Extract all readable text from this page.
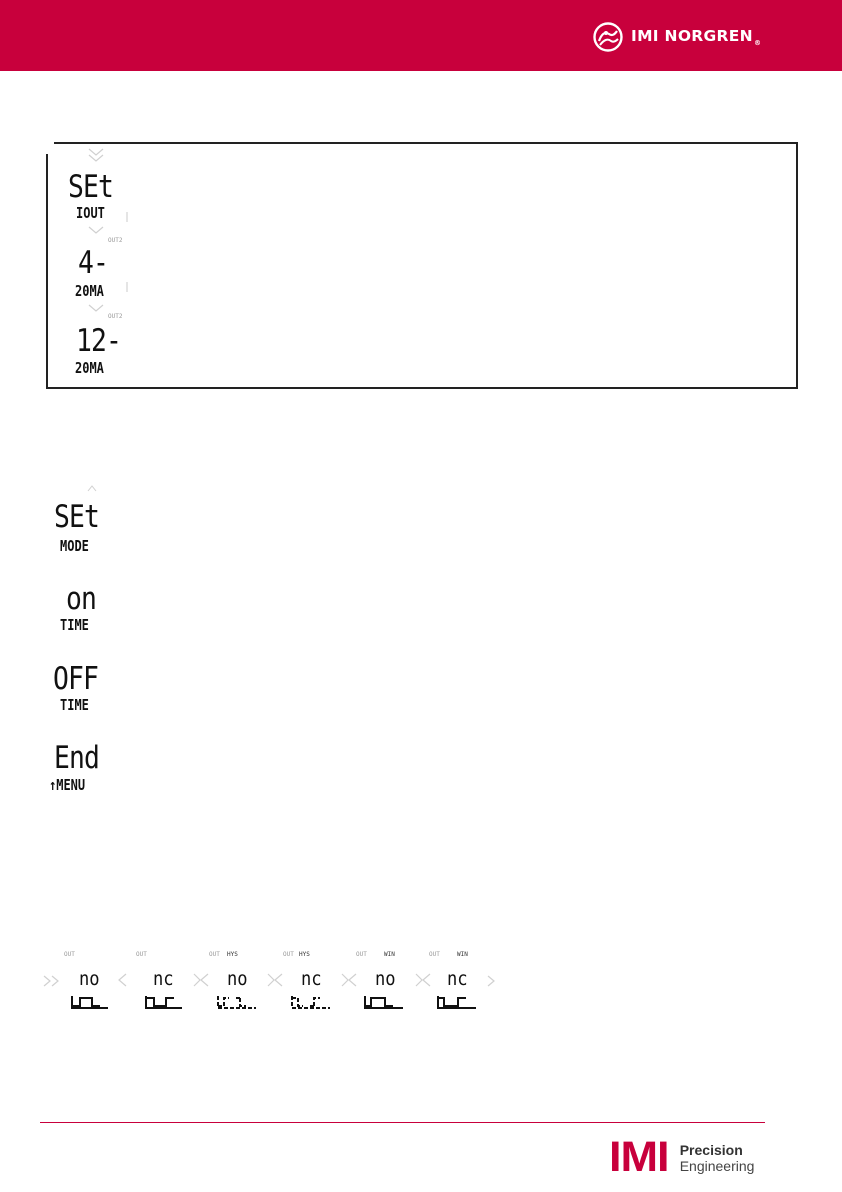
IMI $NORGREN_®$
SEt
IOUT
OUT2
4-
20MA
OUT2
12-
20MA
SEt
MODE
on
TIME
OFF
TIME
End
↑MENU
OUT
no
OUT
nc
OUT HYS
no
OUT HYS
nc
OUT	WIN
no
OUT	WIN
nc
IMI Precision
Engineering
